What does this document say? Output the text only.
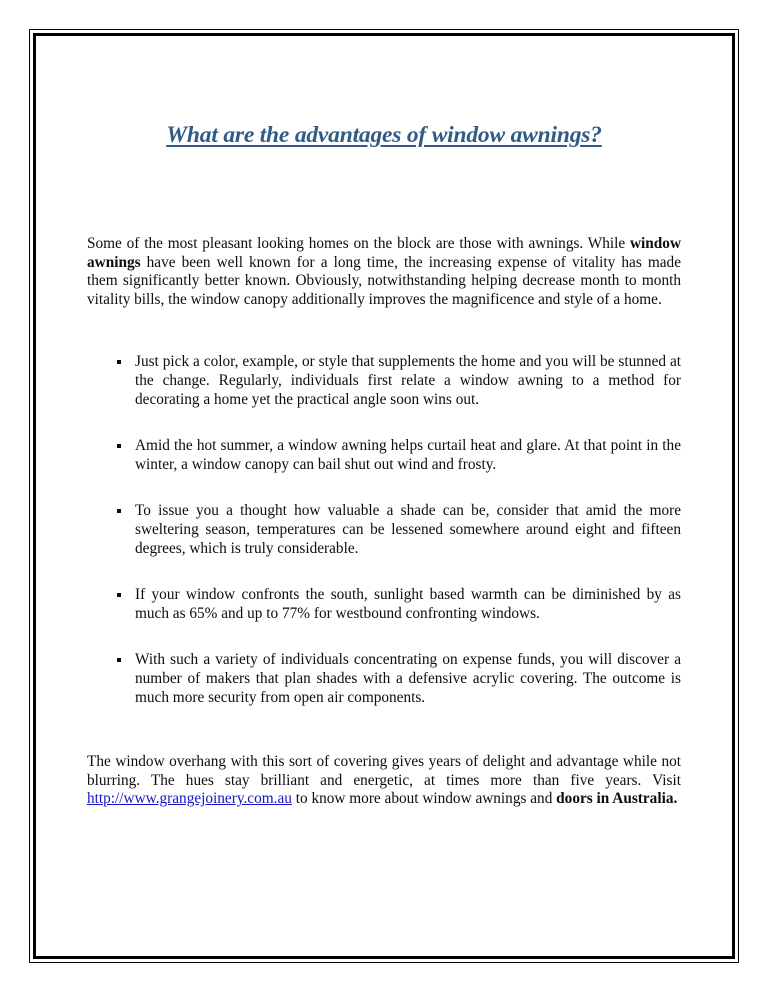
What are the advantages of window awnings?

Some of the most pleasant looking homes on the block are those with awnings. While window awnings have been well known for a long time, the increasing expense of vitality has made them significantly better known. Obviously, notwithstanding helping decrease month to month vitality bills, the window canopy additionally improves the magnificence and style of a home.

Just pick a color, example, or style that supplements the home and you will be stunned at the change. Regularly, individuals first relate a window awning to a method for decorating a home yet the practical angle soon wins out.
Amid the hot summer, a window awning helps curtail heat and glare. At that point in the winter, a window canopy can bail shut out wind and frosty.
To issue you a thought how valuable a shade can be, consider that amid the more sweltering season, temperatures can be lessened somewhere around eight and fifteen degrees, which is truly considerable.
If your window confronts the south, sunlight based warmth can be diminished by as much as 65% and up to 77% for westbound confronting windows.
With such a variety of individuals concentrating on expense funds, you will discover a number of makers that plan shades with a defensive acrylic covering. The outcome is much more security from open air components.

The window overhang with this sort of covering gives years of delight and advantage while not blurring. The hues stay brilliant and energetic, at times more than five years. Visit http://www.grangejoinery.com.au to know more about window awnings and doors in Australia.
